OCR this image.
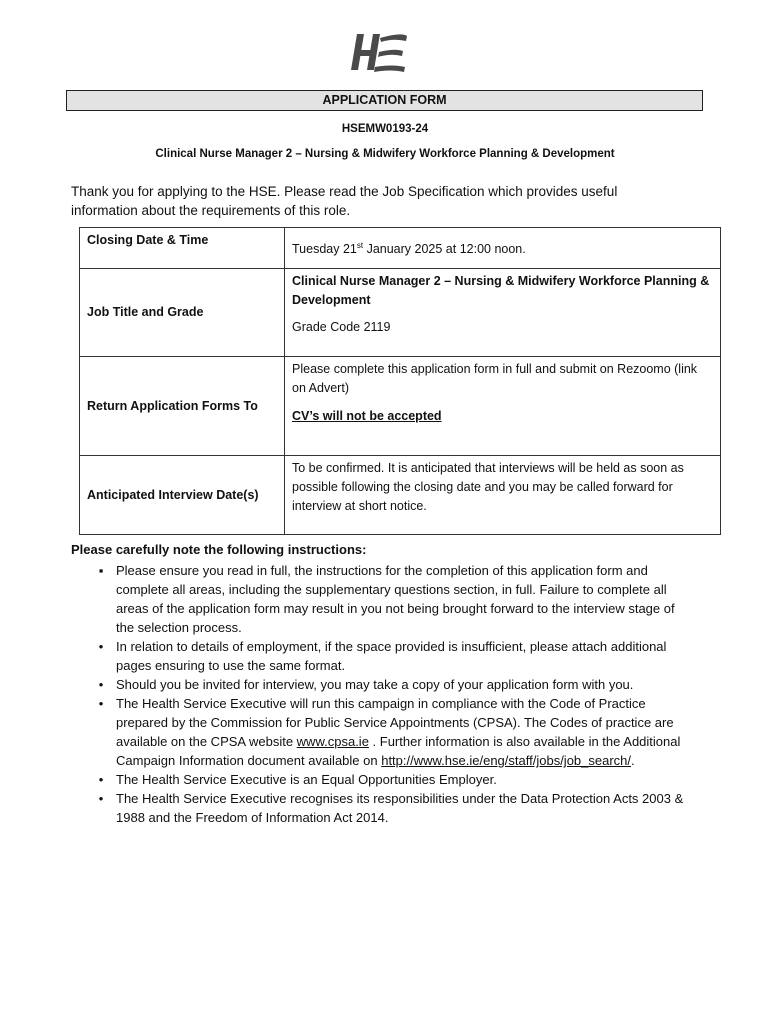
APPLICATION FORM
HSEMW0193-24
Clinical Nurse Manager 2 – Nursing & Midwifery Workforce Planning & Development
Thank you for applying to the HSE. Please read the Job Specification which provides useful information about the requirements of this role.
Closing Date & Time	Tuesday 21st January 2025 at 12:00 noon.
Job Title and Grade	Clinical Nurse Manager 2 – Nursing & Midwifery Workforce Planning & Development
Grade Code 2119

Return Application Forms To	Please complete this application form in full and submit on Rezoomo (link on Advert)
CV’s will not be accepted

Anticipated Interview Date(s)	To be confirmed. It is anticipated that interviews will be held as soon as possible following the closing date and you may be called forward for interview at short notice.
Please carefully note the following instructions:
▪ Please ensure you read in full, the instructions for the completion of this application form and complete all areas, including the supplementary questions section, in full. Failure to complete all areas of the application form may result in you not being brought forward to the interview stage of the selection process.
• In relation to details of employment, if the space provided is insufficient, please attach additional pages ensuring to use the same format.
• Should you be invited for interview, you may take a copy of your application form with you.
• The Health Service Executive will run this campaign in compliance with the Code of Practice prepared by the Commission for Public Service Appointments (CPSA). The Codes of practice are available on the CPSA website www.cpsa.ie . Further information is also available in the Additional Campaign Information document available on http://www.hse.ie/eng/staff/jobs/job_search/.
• The Health Service Executive is an Equal Opportunities Employer.
• The Health Service Executive recognises its responsibilities under the Data Protection Acts 2003 & 1988 and the Freedom of Information Act 2014.
